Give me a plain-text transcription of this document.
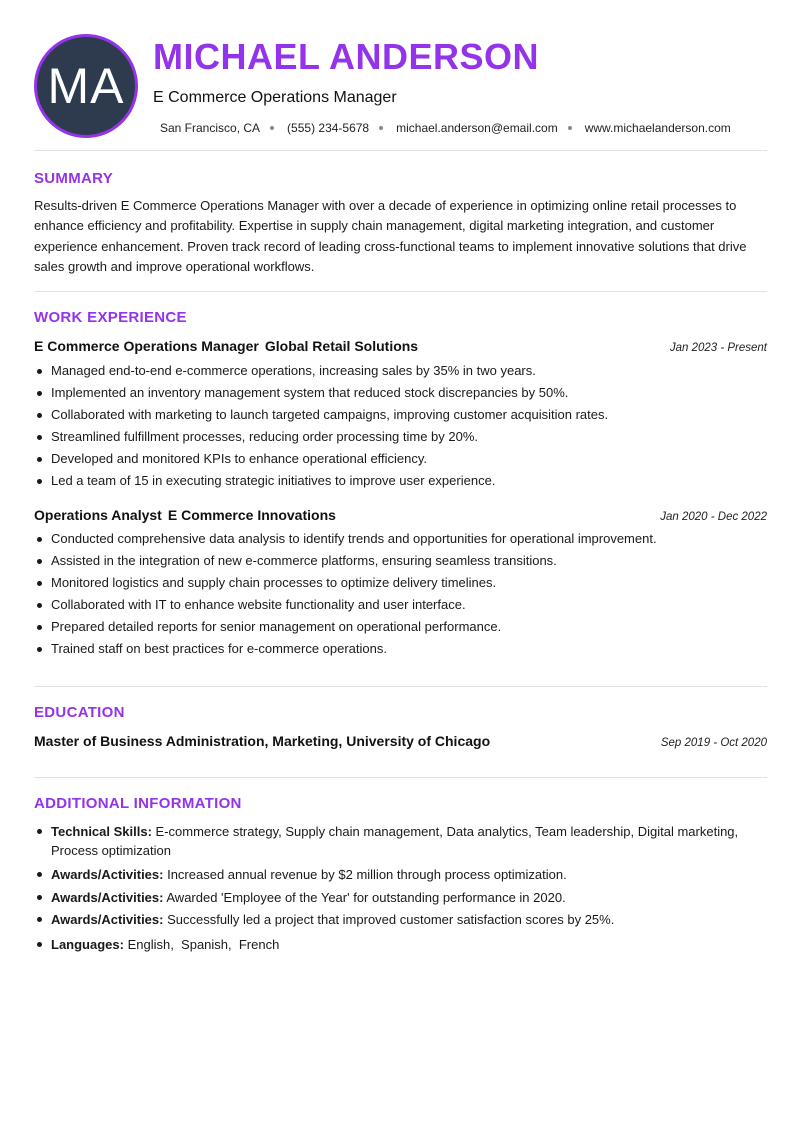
MA
MICHAEL ANDERSON
E Commerce Operations Manager
San Francisco, CA (555) 234-5678 michael.anderson@email.com www.michaelanderson.com
SUMMARY
Results-driven E Commerce Operations Manager with over a decade of experience in optimizing online retail processes to enhance efficiency and profitability. Expertise in supply chain management, digital marketing integration, and customer experience enhancement. Proven track record of leading cross-functional teams to implement innovative solutions that drive sales growth and improve operational workflows.
WORK EXPERIENCE
E Commerce Operations Manager Global Retail Solutions	Jan 2023 - Present
Managed end-to-end e-commerce operations, increasing sales by 35% in two years.
Implemented an inventory management system that reduced stock discrepancies by 50%.
Collaborated with marketing to launch targeted campaigns, improving customer acquisition rates.
Streamlined fulfillment processes, reducing order processing time by 20%.
Developed and monitored KPIs to enhance operational efficiency.
Led a team of 15 in executing strategic initiatives to improve user experience.
Operations Analyst E Commerce Innovations	Jan 2020 - Dec 2022
Conducted comprehensive data analysis to identify trends and opportunities for operational improvement.
Assisted in the integration of new e-commerce platforms, ensuring seamless transitions.
Monitored logistics and supply chain processes to optimize delivery timelines.
Collaborated with IT to enhance website functionality and user interface.
Prepared detailed reports for senior management on operational performance.
Trained staff on best practices for e-commerce operations.
EDUCATION
Master of Business Administration, Marketing, University of Chicago	Sep 2019 - Oct 2020
ADDITIONAL INFORMATION
Technical Skills: E-commerce strategy, Supply chain management, Data analytics, Team leadership, Digital marketing, Process optimization
Awards/Activities: Increased annual revenue by $2 million through process optimization.
Awards/Activities: Awarded 'Employee of the Year' for outstanding performance in 2020.
Awards/Activities: Successfully led a project that improved customer satisfaction scores by 25%.
Languages: English,  Spanish,  French
